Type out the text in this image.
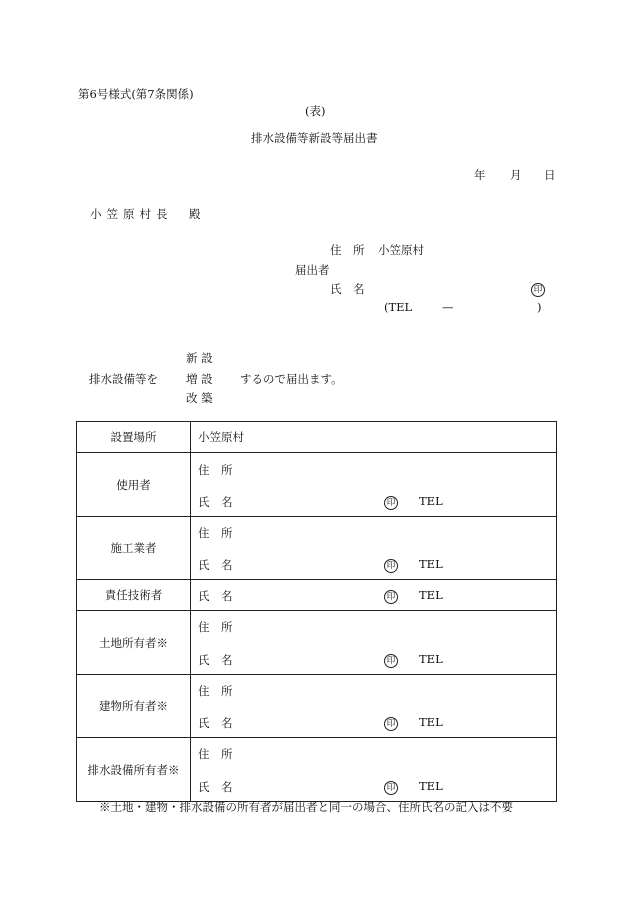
第6号様式(第7条関係)
(表)
排水設備等新設等届出書
年 月 日
小笠原村長　殿
住　所 小笠原村
届出者
氏　名	印
(TEL	—	)
新 設
排水設備等を 増 設 するので届出ます。
改 築
設置場所	小笠原村
使用者	住　所
氏　名 印 TEL

施工業者	住　所
氏　名 印 TEL

責任技術者	氏　名 印 TEL

土地所有者※	住　所
氏　名 印 TEL

建物所有者※	住　所
氏　名 印 TEL

排水設備所有者※	住　所
氏　名 印 TEL
※土地・建物・排水設備の所有者が届出者と同一の場合、住所氏名の記入は不要
